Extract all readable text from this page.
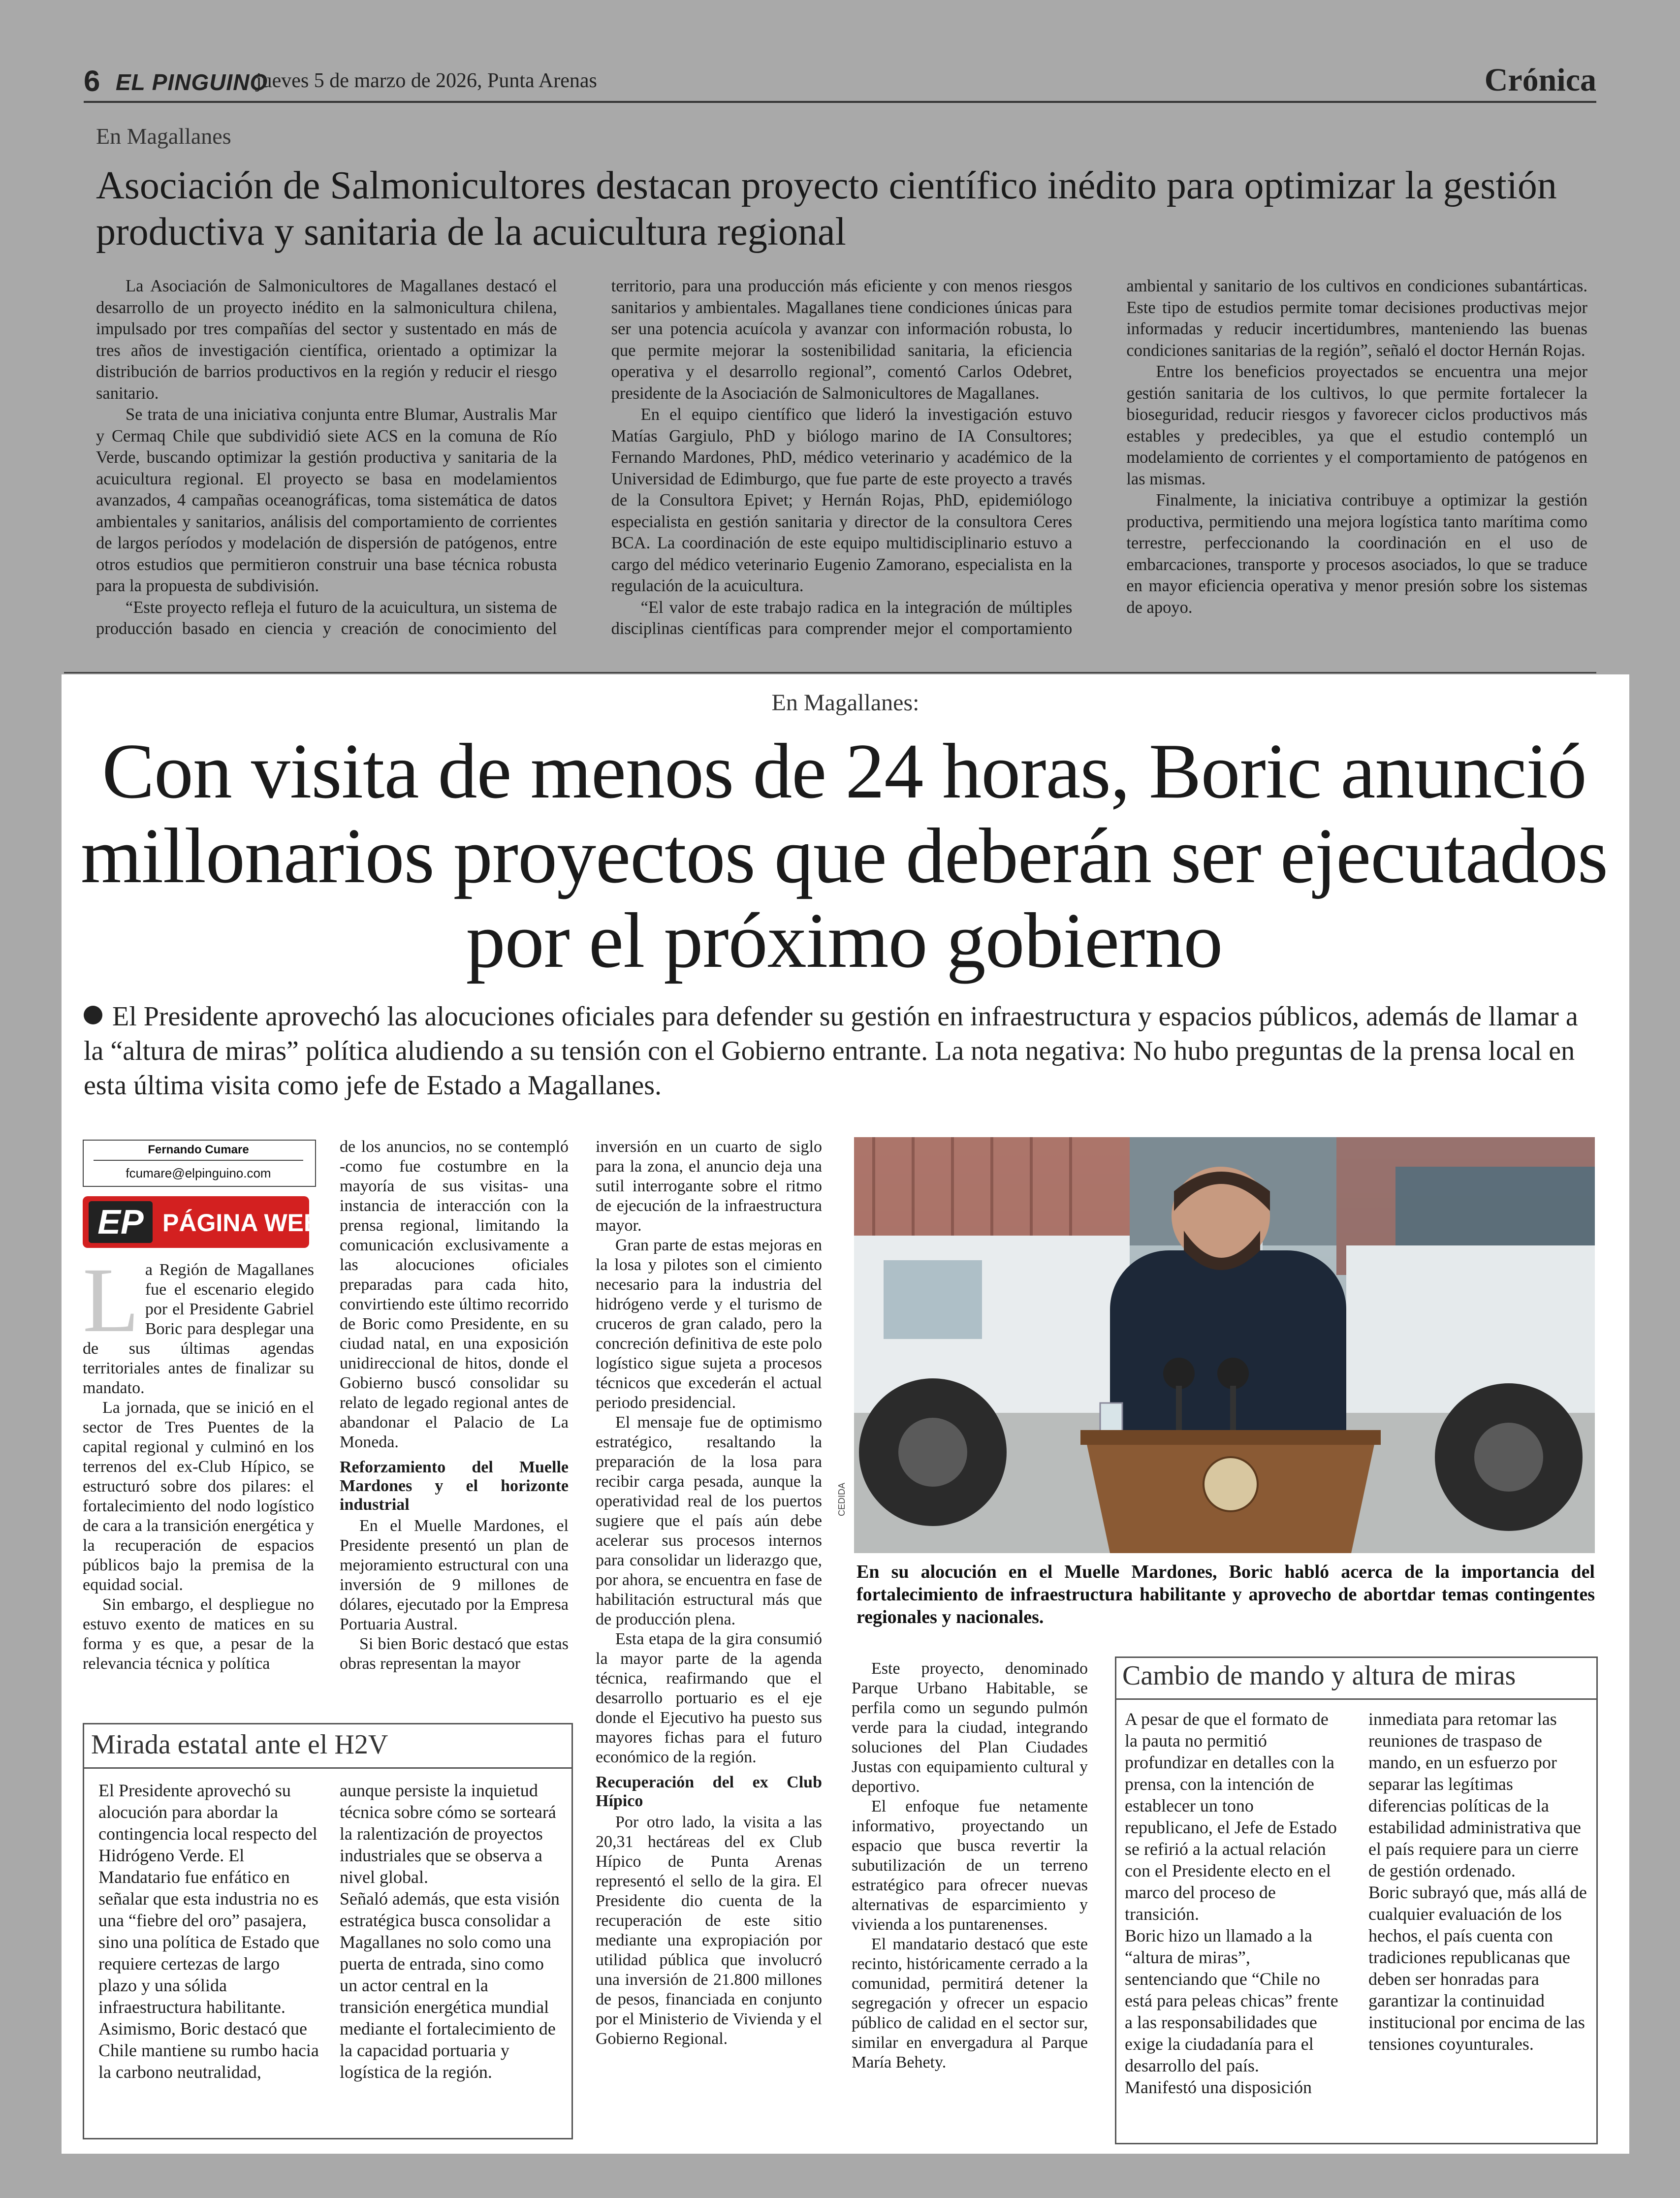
6 EL PINGUINO
jueves 5 de marzo de 2026, Punta Arenas	Crónica
En Magallanes
Asociación de Salmonicultores destacan proyecto científico inédito para optimizar la gestión productiva y sanitaria de la acuicultura regional

La Asociación de Salmonicultores de Magallanes destacó el desarrollo de un proyecto inédito en la salmonicultura chilena, impulsado por tres compañías del sector y sustentado en más de tres años de investigación científica, orientado a optimizar la distribución de barrios productivos en la región y reducir el riesgo sanitario.

Se trata de una iniciativa conjunta entre Blumar, Australis Mar y Cermaq Chile que subdividió siete ACS en la comuna de Río Verde, buscando optimizar la gestión productiva y sanitaria de la acuicultura regional. El proyecto se basa en modelamientos avanzados, 4 campañas oceanográficas, toma sistemática de datos ambientales y sanitarios, análisis del comportamiento de corrientes de largos períodos y modelación de dispersión de patógenos, entre otros estudios que permitieron construir una base técnica robusta para la propuesta de subdivisión.

“Este proyecto refleja el futuro de la acuicultura, un sistema de producción basado en ciencia y creación de conocimiento del territorio, para una producción más eficiente y con menos riesgos sanitarios y ambientales. Magallanes tiene condiciones únicas para ser una potencia acuícola y avanzar con información robusta, lo que permite mejorar la sostenibilidad sanitaria, la eficiencia operativa y el desarrollo regional”, comentó Carlos Odebret, presidente de la Asociación de Salmonicultores de Magallanes.

En el equipo científico que lideró la investigación estuvo Matías Gargiulo, PhD y biólogo marino de IA Consultores; Fernando Mardones, PhD, médico veterinario y académico de la Universidad de Edimburgo, que fue parte de este proyecto a través de la Consultora Epivet; y Hernán Rojas, PhD, epidemiólogo especialista en gestión sanitaria y director de la consultora Ceres BCA. La coordinación de este equipo multidisciplinario estuvo a cargo del médico veterinario Eugenio Zamorano, especialista en la regulación de la acuicultura.

“El valor de este trabajo radica en la integración de múltiples disciplinas científicas para comprender mejor el comportamiento ambiental y sanitario de los cultivos en condiciones subantárticas. Este tipo de estudios permite tomar decisiones productivas mejor informadas y reducir incertidumbres, manteniendo las buenas condiciones sanitarias de la región”, señaló el doctor Hernán Rojas.

Entre los beneficios proyectados se encuentra una mejor gestión sanitaria de los cultivos, lo que permite fortalecer la bioseguridad, reducir riesgos y favorecer ciclos productivos más estables y predecibles, ya que el estudio contempló un modelamiento de corrientes y el comportamiento de patógenos en las mismas.

Finalmente, la iniciativa contribuye a optimizar la gestión productiva, permitiendo una mejora logística tanto marítima como terrestre, perfeccionando la coordinación en el uso de embarcaciones, transporte y procesos asociados, lo que se traduce en mayor eficiencia operativa y menor presión sobre los sistemas de apoyo.

En Magallanes:
Con visita de menos de 24 horas, Boric anunció millonarios proyectos que deberán ser ejecutados por el próximo gobierno
El Presidente aprovechó las alocuciones oficiales para defender su gestión en infraestructura y espacios públicos, además de llamar a la “altura de miras” política aludiendo a su tensión con el Gobierno entrante. La nota negativa: No hubo preguntas de la prensa local en esta última visita como jefe de Estado a Magallanes.
Fernando Cumare
fcumare@elpinguino.com
EP PÁGINA WEB

La Región de Magallanes fue el escenario elegido por el Presidente Gabriel Boric para desplegar una de sus últimas agendas territoriales antes de finalizar su mandato.

La jornada, que se inició en el sector de Tres Puentes de la capital regional y culminó en los terrenos del ex-Club Hípico, se estructuró sobre dos pilares: el fortalecimiento del nodo logístico de cara a la transición energética y la recuperación de espacios públicos bajo la premisa de la equidad social.

Sin embargo, el despliegue no estuvo exento de matices en su forma y es que, a pesar de la relevancia técnica y política

de los anuncios, no se contempló -como fue costumbre en la mayoría de sus visitas- una instancia de interacción con la prensa regional, limitando la comunicación exclusivamente a las alocuciones oficiales preparadas para cada hito, convirtiendo este último recorrido de Boric como Presidente, en su ciudad natal, en una exposición unidireccional de hitos, donde el Gobierno buscó consolidar su relato de legado regional antes de abandonar el Palacio de La Moneda.

Reforzamiento del Muelle Mardones y el horizonte industrial

En el Muelle Mardones, el Presidente presentó un plan de mejoramiento estructural con una inversión de 9 millones de dólares, ejecutado por la Empresa Portuaria Austral.

Si bien Boric destacó que estas obras representan la mayor

inversión en un cuarto de siglo para la zona, el anuncio deja una sutil interrogante sobre el ritmo de ejecución de la infraestructura mayor.

Gran parte de estas mejoras en la losa y pilotes son el cimiento necesario para la industria del hidrógeno verde y el turismo de cruceros de gran calado, pero la concreción definitiva de este polo logístico sigue sujeta a procesos técnicos que excederán el actual periodo presidencial.

El mensaje fue de optimismo estratégico, resaltando la preparación de la losa para recibir carga pesada, aunque la operatividad real de los puertos sugiere que el país aún debe acelerar sus procesos internos para consolidar un liderazgo que, por ahora, se encuentra en fase de habilitación estructural más que de producción plena.

Esta etapa de la gira consumió la mayor parte de la agenda técnica, reafirmando que el desarrollo portuario es el eje donde el Ejecutivo ha puesto sus mayores fichas para el futuro económico de la región.

Recuperación del ex Club Hípico

Por otro lado, la visita a las 20,31 hectáreas del ex Club Hípico de Punta Arenas representó el sello de la gira. El Presidente dio cuenta de la recuperación de este sitio mediante una expropiación por utilidad pública que involucró una inversión de 21.800 millones de pesos, financiada en conjunto por el Ministerio de Vivienda y el Gobierno Regional.

CEDIDA
En su alocución en el Muelle Mardones, Boric habló acerca de la importancia del fortalecimiento de infraestructura habilitante y aprovecho de abortdar temas contingentes regionales y nacionales.

Este proyecto, denominado Parque Urbano Habitable, se perfila como un segundo pulmón verde para la ciudad, integrando soluciones del Plan Ciudades Justas con equipamiento cultural y deportivo.

El enfoque fue netamente informativo, proyectando un espacio que busca revertir la subutilización de un terreno estratégico para ofrecer nuevas alternativas de esparcimiento y vivienda a los puntarenenses.

El mandatario destacó que este recinto, históricamente cerrado a la comunidad, permitirá detener la segregación y ofrecer un espacio público de calidad en el sector sur, similar en envergadura al Parque María Behety.

Mirada estatal ante el H2V

El Presidente aprovechó su alocución para abordar la contingencia local respecto del Hidrógeno Verde. El Mandatario fue enfático en señalar que esta industria no es una “fiebre del oro” pasajera, sino una política de Estado que requiere certezas de largo plazo y una sólida infraestructura habilitante.

Asimismo, Boric destacó que Chile mantiene su rumbo hacia la carbono neutralidad,

aunque persiste la inquietud técnica sobre cómo se sorteará la ralentización de proyectos industriales que se observa a nivel global.

Señaló además, que esta visión estratégica busca consolidar a Magallanes no solo como una puerta de entrada, sino como un actor central en la transición energética mundial mediante el fortalecimiento de la capacidad portuaria y logística de la región.

Cambio de mando y altura de miras

A pesar de que el formato de la pauta no permitió profundizar en detalles con la prensa, con la intención de establecer un tono republicano, el Jefe de Estado se refirió a la actual relación con el Presidente electo en el marco del proceso de transición.

Boric hizo un llamado a la “altura de miras”, sentenciando que “Chile no está para peleas chicas” frente a las responsabilidades que exige la ciudadanía para el desarrollo del país.

Manifestó una disposición

inmediata para retomar las reuniones de traspaso de mando, en un esfuerzo por separar las legítimas diferencias políticas de la estabilidad administrativa que el país requiere para un cierre de gestión ordenado.

Boric subrayó que, más allá de cualquier evaluación de los hechos, el país cuenta con tradiciones republicanas que deben ser honradas para garantizar la continuidad institucional por encima de las tensiones coyunturales.
